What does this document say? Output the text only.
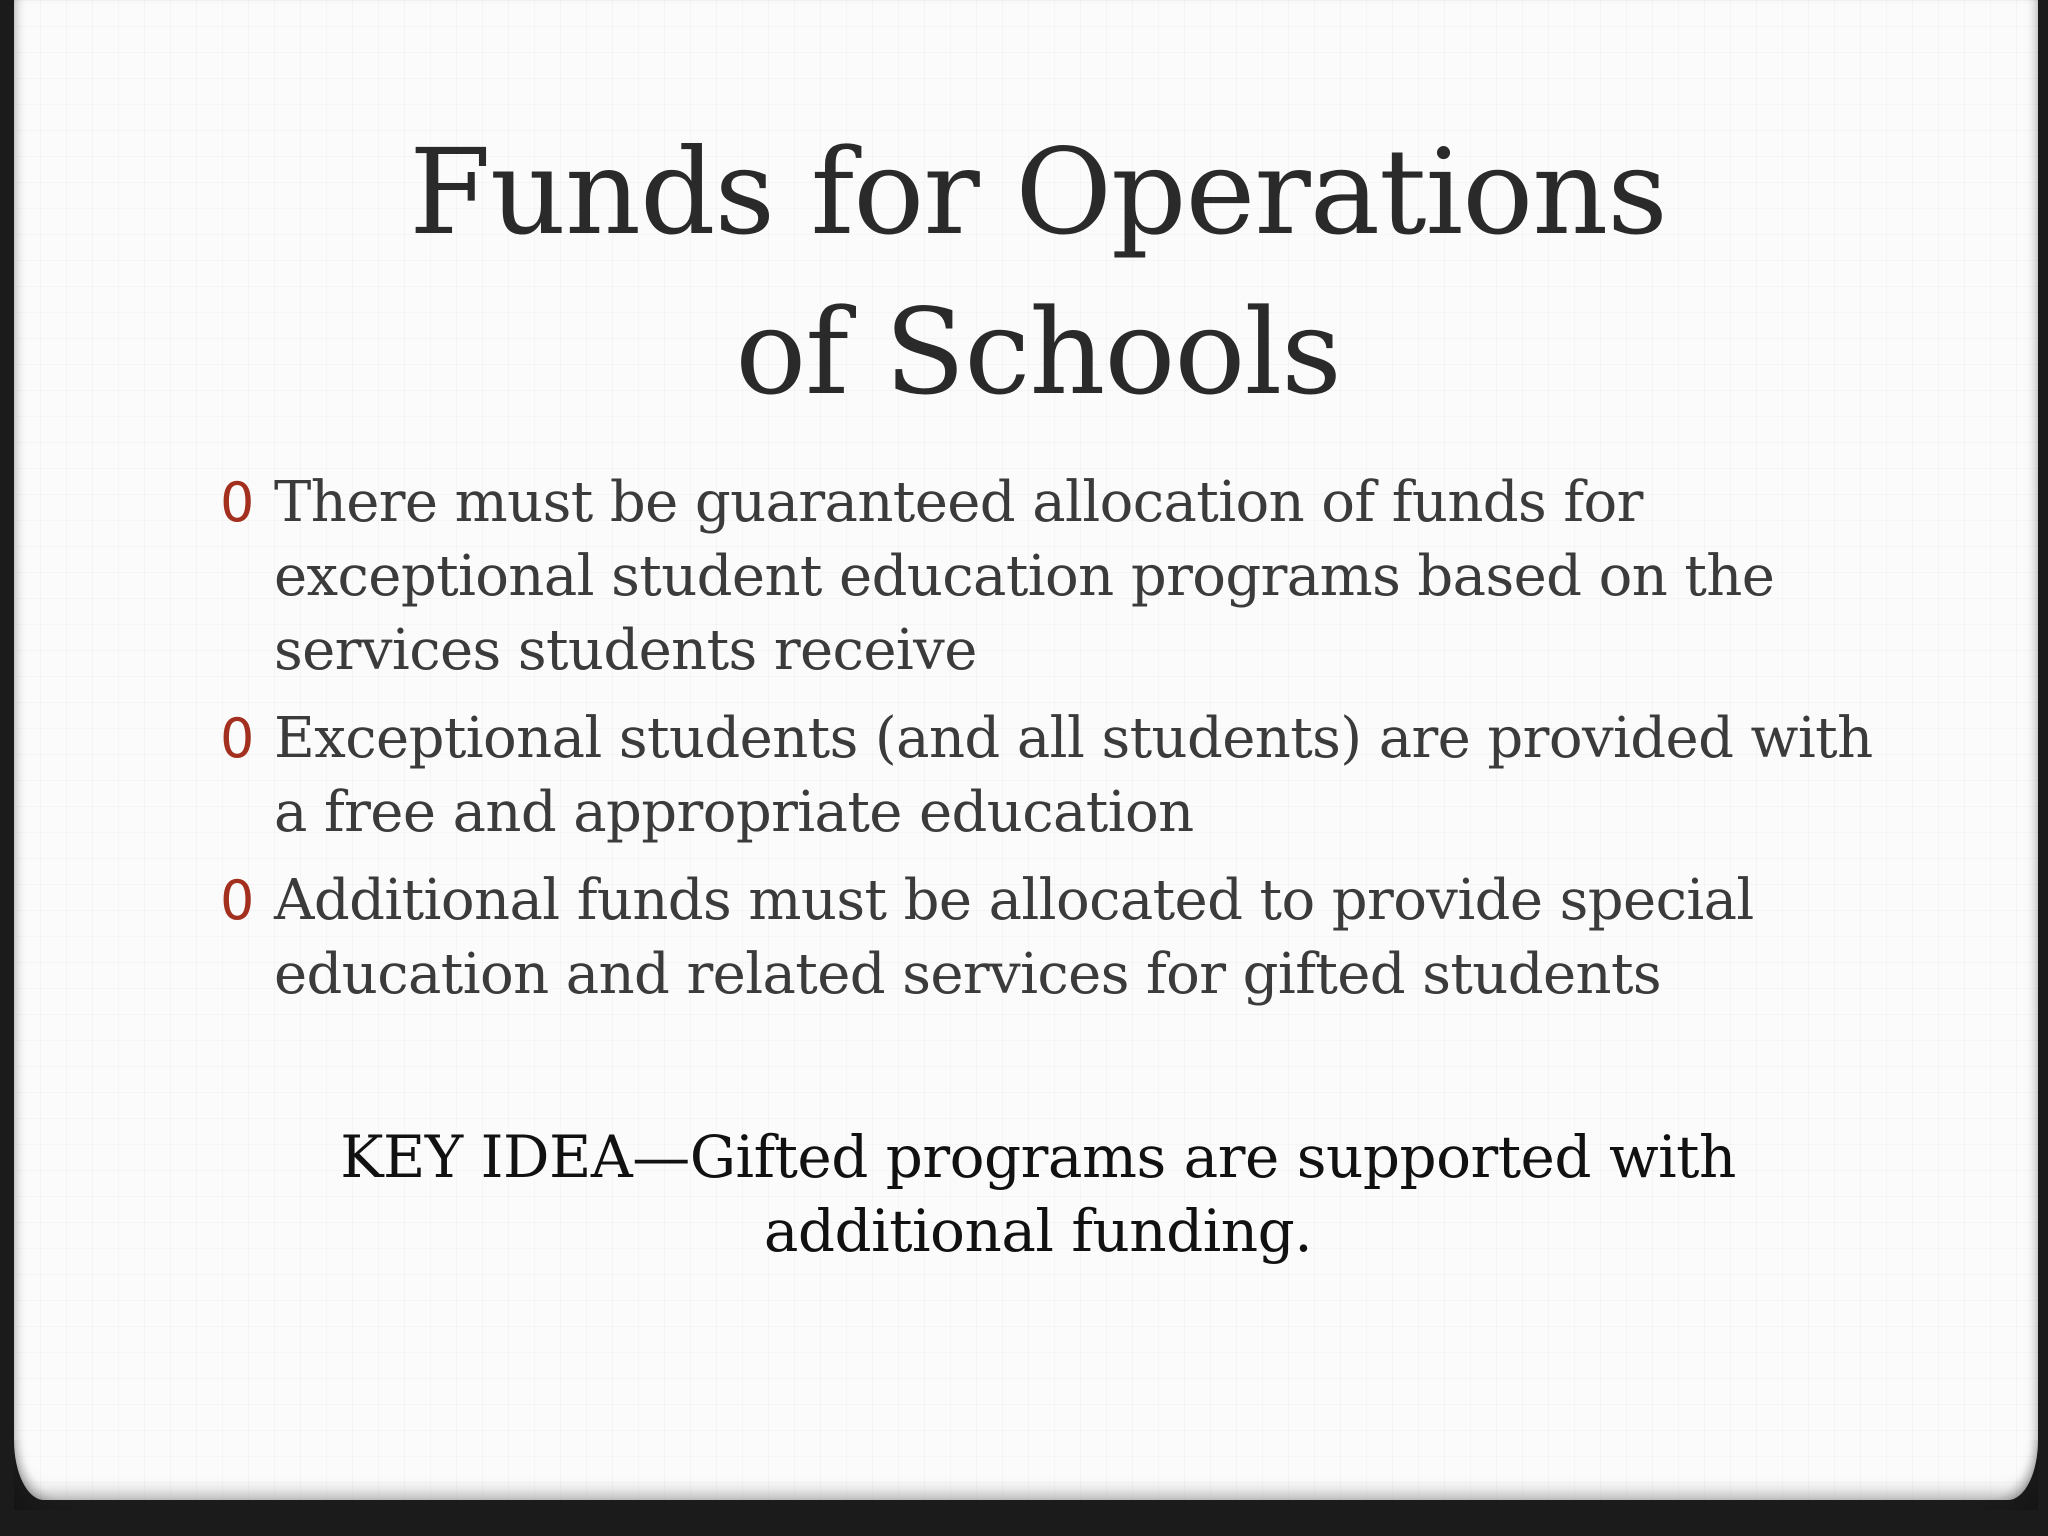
Funds for Operations
of Schools
0 There must be guaranteed allocation of funds for exceptional student education programs based on the services students receive
0 Exceptional students (and all students) are provided with a free and appropriate education
0 Additional funds must be allocated to provide special education and related services for gifted students
KEY IDEA—Gifted programs are supported with
additional funding.
